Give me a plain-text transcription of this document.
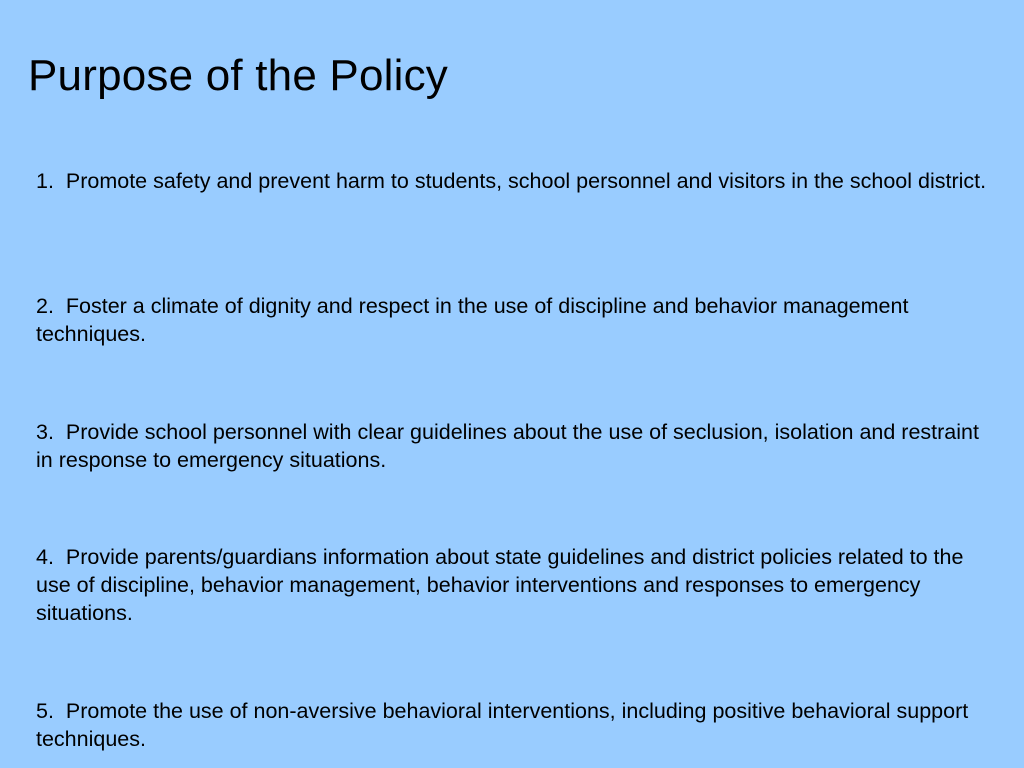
Purpose of the Policy

1.  Promote safety and prevent harm to students, school personnel and visitors in the school district.

2.  Foster a climate of dignity and respect in the use of discipline and behavior management techniques.

3.  Provide school personnel with clear guidelines about the use of seclusion, isolation and restraint in response to emergency situations.

4.  Provide parents/guardians information about state guidelines and district policies related to the use of discipline, behavior management, behavior interventions and responses to emergency situations.

5.  Promote the use of non-aversive behavioral interventions, including positive behavioral support techniques.
